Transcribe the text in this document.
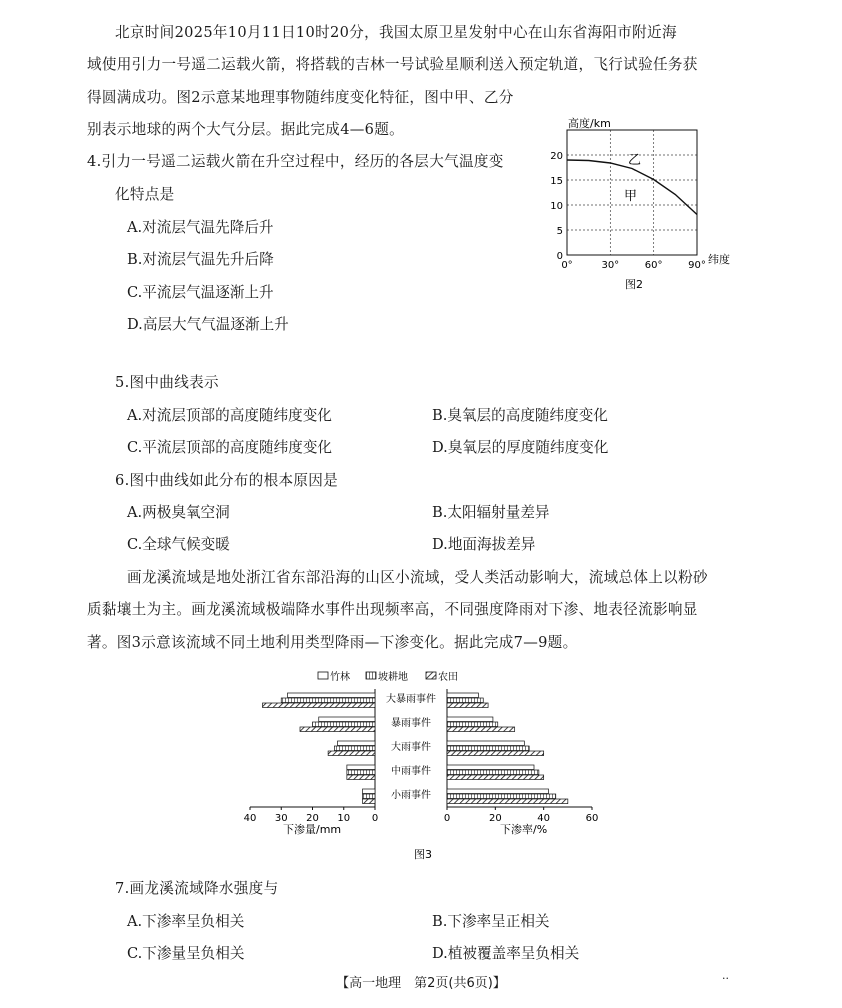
北京时间2025年10月11日10时20分，我国太原卫星发射中心在山东省海阳市附近海
域使用引力一号遥二运载火箭，将搭载的吉林一号试验星顺利送入预定轨道，飞行试验任务获
得圆满成功。图2示意某地理事物随纬度变化特征，图中甲、乙分
别表示地球的两个大气分层。据此完成4—6题。
4.引力一号遥二运载火箭在升空过程中，经历的各层大气温度变
化特点是
A.对流层气温先降后升
B.对流层气温先升后降
C.平流层气温逐渐上升
D.高层大气气温逐渐上升
高度/km
0
5
10
15
20
0°	30°	60°	90°
乙
甲
纬度
图2
5.图中曲线表示
A.对流层顶部的高度随纬度变化	B.臭氧层的高度随纬度变化
C.平流层顶部的高度随纬度变化	D.臭氧层的厚度随纬度变化
6.图中曲线如此分布的根本原因是
A.两极臭氧空洞	B.太阳辐射量差异
C.全球气候变暖	D.地面海拔差异
画龙溪流域是地处浙江省东部沿海的山区小流域，受人类活动影响大，流域总体上以粉砂
质黏壤土为主。画龙溪流域极端降水事件出现频率高，不同强度降雨对下渗、地表径流影响显
著。图3示意该流域不同土地利用类型降雨—下渗变化。据此完成7—9题。
竹林	坡耕地	农田
40 30 20 10 0	0	20	40	60
大暴雨事件
暴雨事件
大雨事件
中雨事件
小雨事件
下渗量/mm	下渗率/%
图3
7.画龙溪流域降水强度与
A.下渗率呈负相关	B.下渗率呈正相关
C.下渗量呈负相关	D.植被覆盖率呈负相关
【高一地理　第2页(共6页)】	··
